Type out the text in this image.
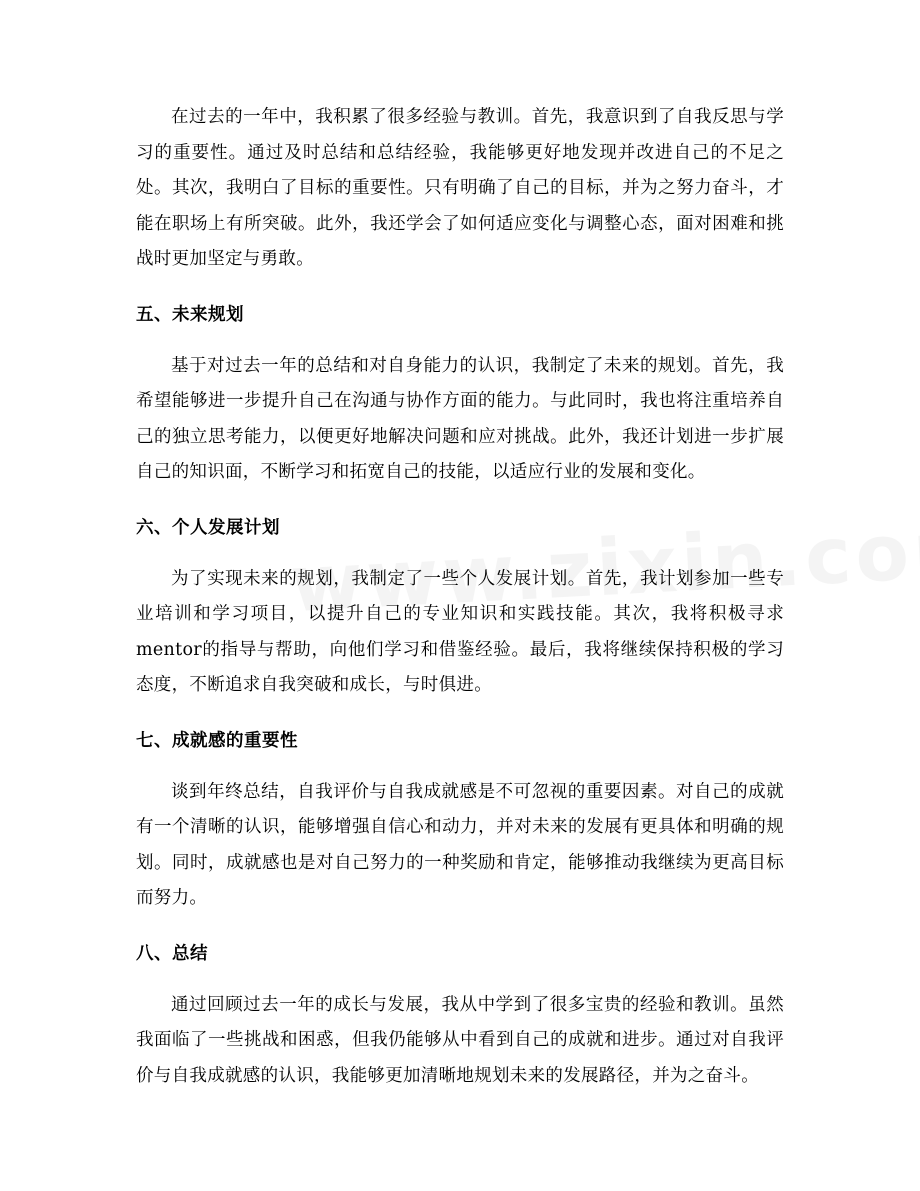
在过去的一年中，我积累了很多经验与教训。首先，我意识到了自我反思与学习的重要性。通过及时总结和总结经验，我能够更好地发现并改进自己的不足之处。其次，我明白了目标的重要性。只有明确了自己的目标，并为之努力奋斗，才能在职场上有所突破。此外，我还学会了如何适应变化与调整心态，面对困难和挑战时更加坚定与勇敢。

五、未来规划

基于对过去一年的总结和对自身能力的认识，我制定了未来的规划。首先，我希望能够进一步提升自己在沟通与协作方面的能力。与此同时，我也将注重培养自己的独立思考能力，以便更好地解决问题和应对挑战。此外，我还计划进一步扩展自己的知识面，不断学习和拓宽自己的技能，以适应行业的发展和变化。

六、个人发展计划

为了实现未来的规划，我制定了一些个人发展计划。首先，我计划参加一些专业培训和学习项目，以提升自己的专业知识和实践技能。其次，我将积极寻求mentor的指导与帮助，向他们学习和借鉴经验。最后，我将继续保持积极的学习态度，不断追求自我突破和成长，与时俱进。

七、成就感的重要性

谈到年终总结，自我评价与自我成就感是不可忽视的重要因素。对自己的成就有一个清晰的认识，能够增强自信心和动力，并对未来的发展有更具体和明确的规划。同时，成就感也是对自己努力的一种奖励和肯定，能够推动我继续为更高目标而努力。

八、总结

通过回顾过去一年的成长与发展，我从中学到了很多宝贵的经验和教训。虽然我面临了一些挑战和困惑，但我仍能够从中看到自己的成就和进步。通过对自我评价与自我成就感的认识，我能够更加清晰地规划未来的发展路径，并为之奋斗。
